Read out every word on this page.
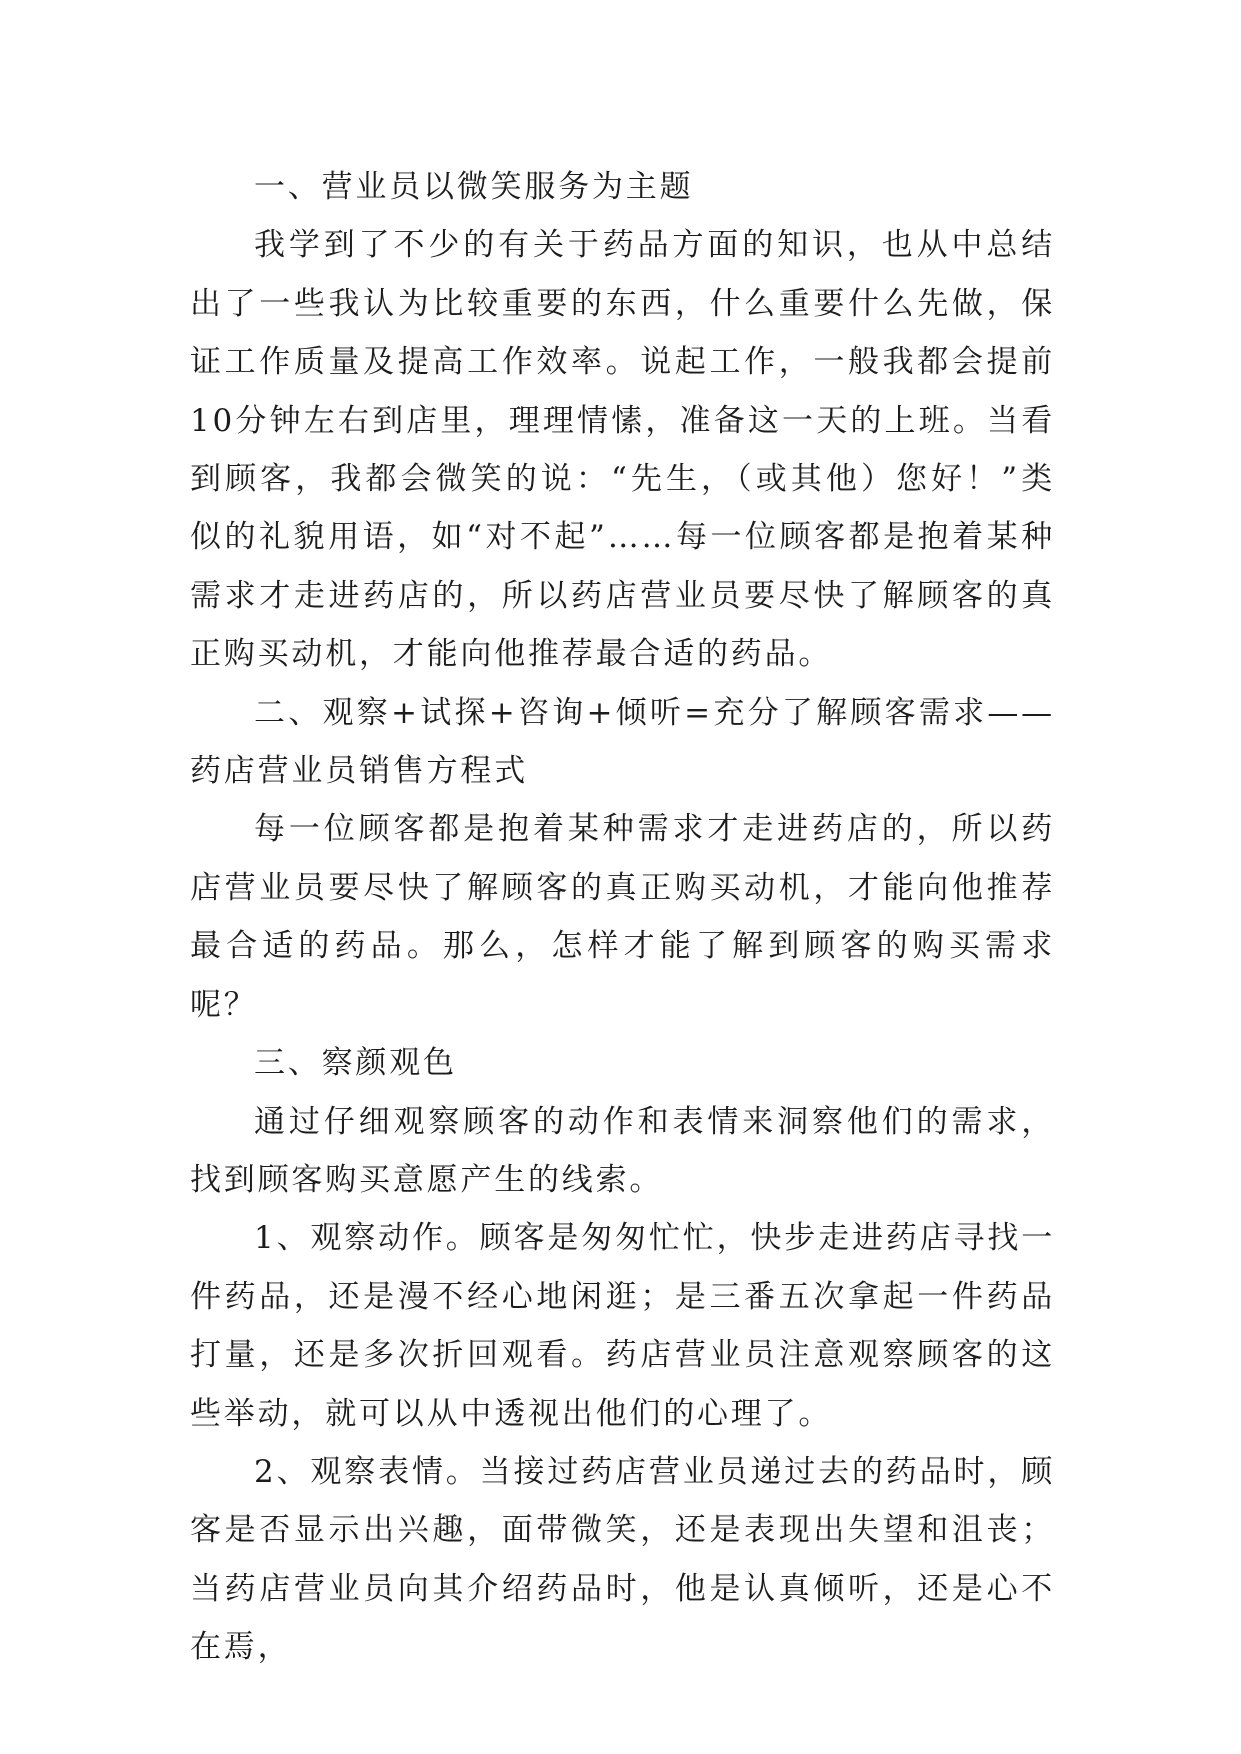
一、营业员以微笑服务为主题

我学到了不少的有关于药品方面的知识，也从中总结出了一些我认为比较重要的东西，什么重要什么先做，保证工作质量及提高工作效率。说起工作，一般我都会提前10分钟左右到店里，理理情愫，准备这一天的上班。当看到顾客，我都会微笑的说：“先生，（或其他）您好！”类似的礼貌用语，如“对不起”……每一位顾客都是抱着某种需求才走进药店的，所以药店营业员要尽快了解顾客的真正购买动机，才能向他推荐最合适的药品。

二、观察+试探+咨询+倾听=充分了解顾客需求——药店营业员销售方程式

每一位顾客都是抱着某种需求才走进药店的，所以药店营业员要尽快了解顾客的真正购买动机，才能向他推荐最合适的药品。那么，怎样才能了解到顾客的购买需求呢？

三、察颜观色

通过仔细观察顾客的动作和表情来洞察他们的需求，找到顾客购买意愿产生的线索。

1、观察动作。顾客是匆匆忙忙，快步走进药店寻找一件药品，还是漫不经心地闲逛；是三番五次拿起一件药品打量，还是多次折回观看。药店营业员注意观察顾客的这些举动，就可以从中透视出他们的心理了。

2、观察表情。当接过药店营业员递过去的药品时，顾客是否显示出兴趣，面带微笑，还是表现出失望和沮丧；当药店营业员向其介绍药品时，他是认真倾听，还是心不在焉，
